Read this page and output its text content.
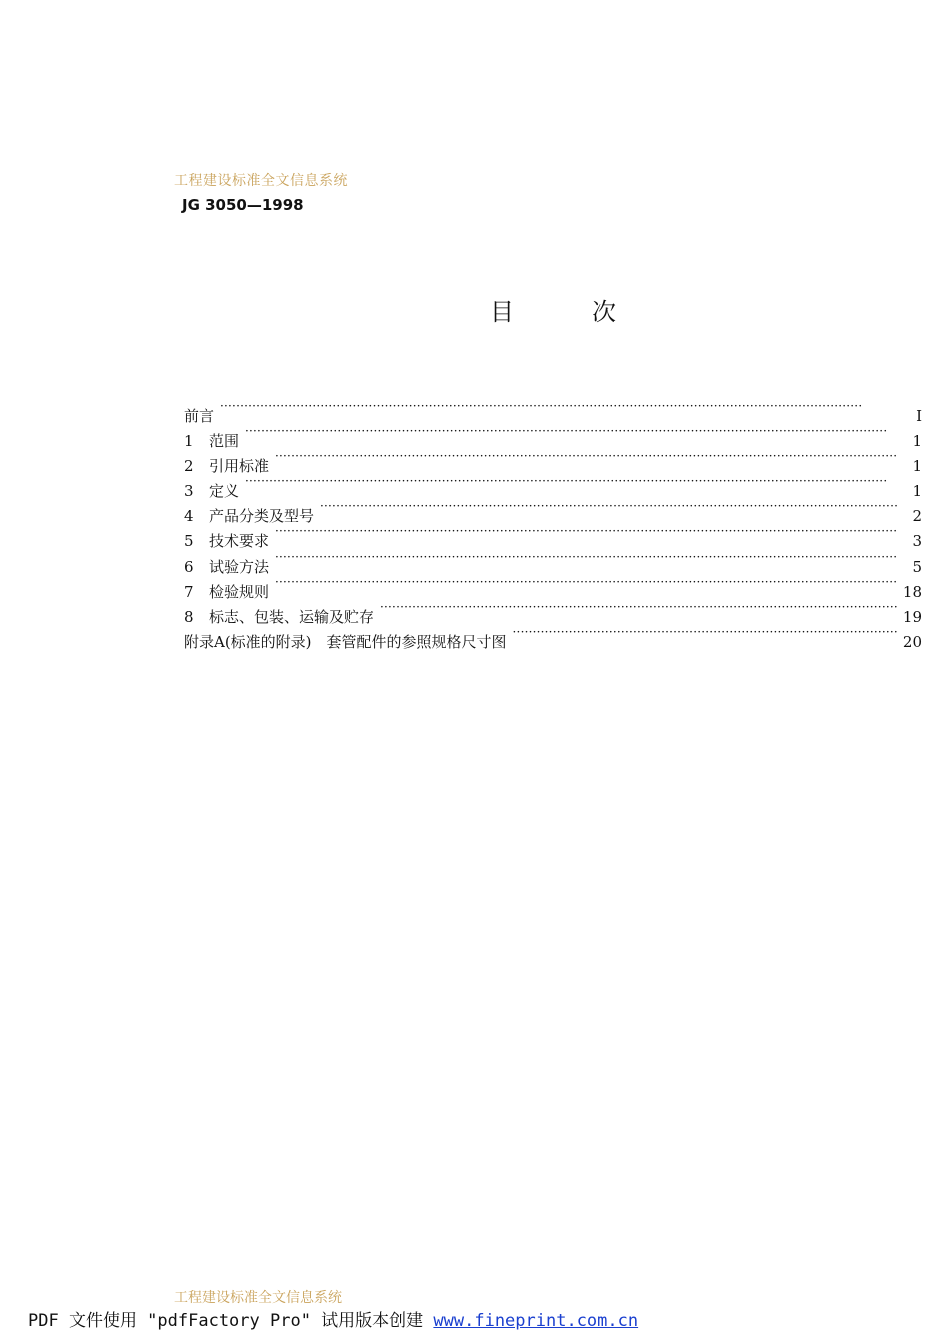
工程建设标准全文信息系统
JG 3050—1998
目	次
前言 ·····	I
1	范围 ·····	1
2	引用标准 ·····	1
3	定义 ·····	1
4	产品分类及型号 ·····	2
5	技术要求 ·····	3
6	试验方法 ·····	5
7	检验规则 ·····	18
8	标志、包装、运输及贮存 ·····	19
附录A(标准的附录)　套管配件的参照规格尺寸图 ·····	20
工程建设标准全文信息系统
PDF 文件使用 "pdfFactory Pro" 试用版本创建 www.fineprint.com.cn
